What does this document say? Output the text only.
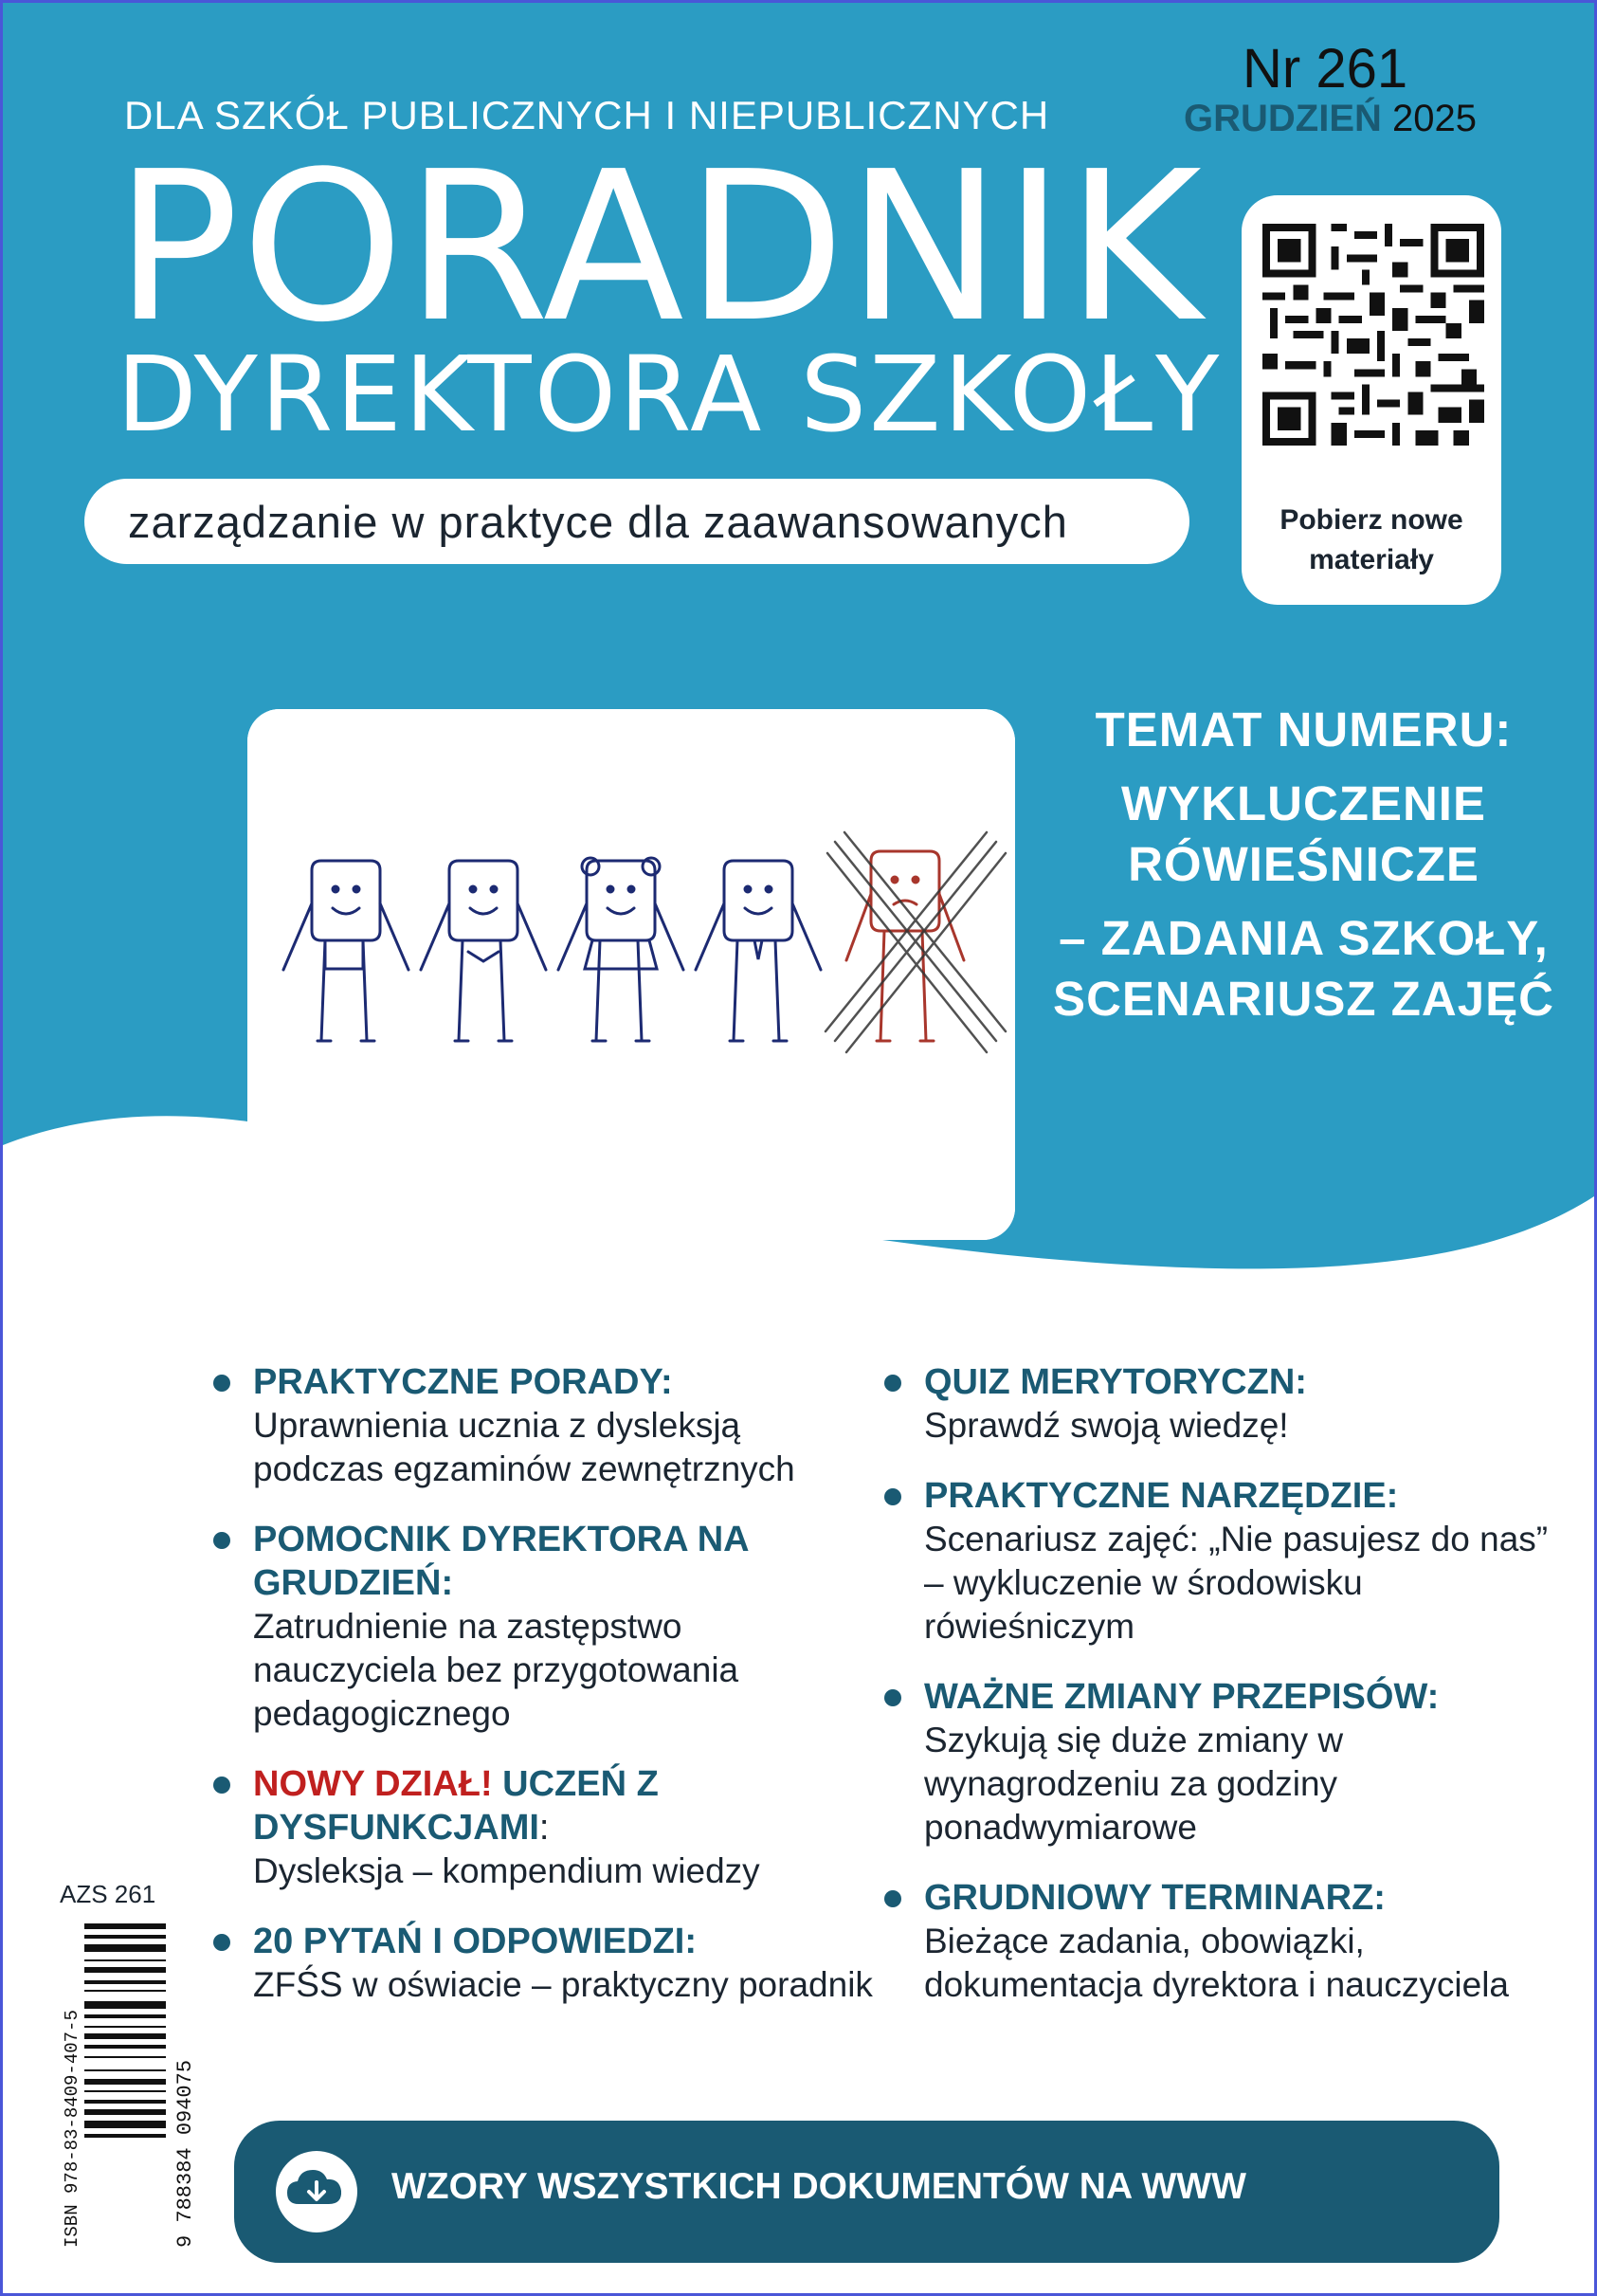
DLA SZKÓŁ PUBLICZNYCH I NIEPUBLICZNYCH
PORADNIK
DYREKTORA SZKOŁY
zarządzanie w praktyce dla zaawansowanych
Nr 261
GRUDZIEŃ 2025
Pobierz nowe materiały
TEMAT NUMERU:
WYKLUCZENIE RÓWIEŚNICZE
– ZADANIA SZKOŁY, SCENARIUSZ ZAJĘĆ
PRAKTYCZNE PORADY:
Uprawnienia ucznia z dysleksją podczas egzaminów zewnętrznych
POMOCNIK DYREKTORA NA GRUDZIEŃ:
Zatrudnienie na zastępstwo nauczyciela bez przygotowania pedagogicznego
NOWY DZIAŁ! UCZEŃ Z DYSFUNKCJAMI:
Dysleksja – kompendium wiedzy
20 PYTAŃ I ODPOWIEDZI:
ZFŚS w oświacie – praktyczny poradnik
QUIZ MERYTORYCZN:
Sprawdź swoją wiedzę!
PRAKTYCZNE NARZĘDZIE:
Scenariusz zajęć: „Nie pasujesz do nas” – wykluczenie w środowisku rówieśniczym
WAŻNE ZMIANY PRZEPISÓW:
Szykują się duże zmiany w wynagrodzeniu za godziny ponadwymiarowe
GRUDNIOWY TERMINARZ:
Bieżące zadania, obowiązki, dokumentacja dyrektora i nauczyciela
AZS 261
ISBN 978-83-8409-407-5	9 788384 094075	WZORY WSZYSTKICH DOKUMENTÓW NA WWW
